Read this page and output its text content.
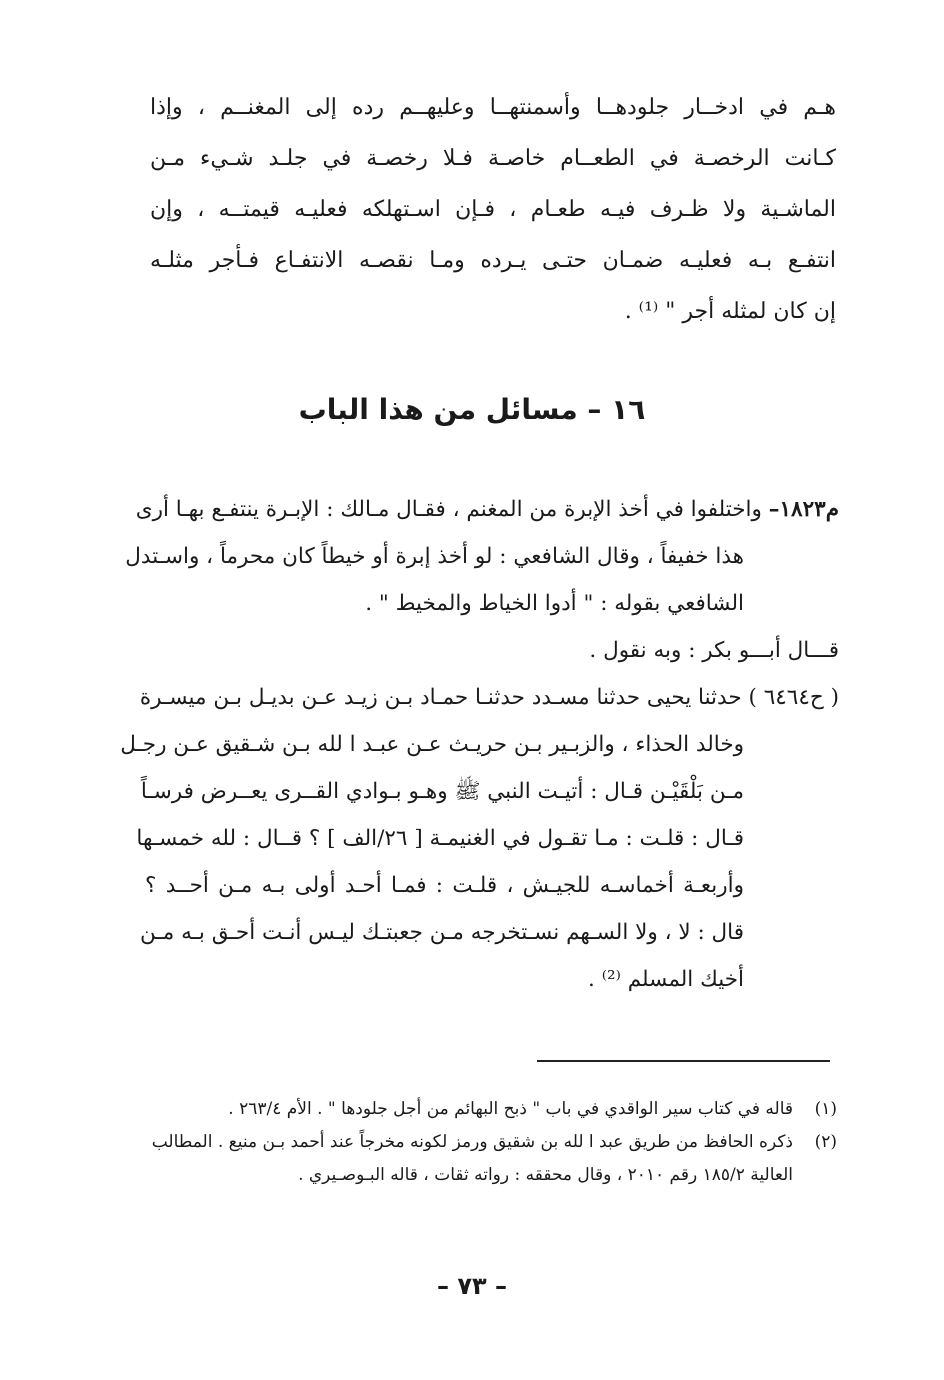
هـم في ادخــار جلودهــا وأسمنتهــا وعليهــم رده إلى المغنــم ، وإذا
كـانت الرخصـة في الطعــام خاصـة فـلا رخصـة في جلـد شـيء مـن
الماشـية ولا ظـرف فيـه طعـام ، فـإن اسـتهلكه فعليـه قيمتــه ، وإن
انتفـع بـه فعليـه ضمـان حتـى يـرده ومـا نقصـه الانتفـاع فـأجر مثلـه
إن كان لمثله أجر " ⁽¹⁾ .
١٦ – مسائل من هذا الباب
م١٨٢٣– واختلفوا في أخذ الإبرة من المغنم ، فقـال مـالك : الإبـرة ينتفـع بهـا أرى
هذا خفيفاً ، وقال الشافعي : لو أخذ إبرة أو خيطاً كان محرماً ، واسـتدل
الشافعي بقوله : " أدوا الخياط والمخيط " .
قـــال أبـــو بكر : وبه نقول .
( ح٦٤٦٤ ) حدثنا يحيى حدثنا مسـدد حدثنـا حمـاد بـن زيـد عـن بديـل بـن ميسـرة
وخالد الحذاء ، والزبـير بـن حريـث عـن عبـد ا لله بـن شـقيق عـن رجـل
مـن بَلْقَيْـن قـال : أتيـت النبي ﷺ وهـو بـوادي القــرى يعــرض فرسـاً
قـال : قلـت : مـا تقـول في الغنيمـة [ ٢٦/الف ] ؟ قــال : لله خمسـها
وأربعـة أخماسـه للجيـش ، قلـت : فمـا أحـد أولى بـه مـن أحــد ؟
قال : لا ، ولا السـهم نسـتخرجه مـن جعبتـك ليـس أنـت أحـق بـه مـن
أخيك المسلم ⁽²⁾ .
(١)قاله في كتاب سير الواقدي في باب " ذبح البهائم من أجل جلودها " . الأم ٢٦٣/٤ .
(٢)ذكره الحافظ من طريق عبد ا لله بن شقيق ورمز لكونه مخرجاً عند أحمد بـن منيع . المطالب
العالية ١٨٥/٢ رقم ٢٠١٠ ، وقال محققه : رواته ثقات ، قاله البـوصـيري .
– ٧٣ –
